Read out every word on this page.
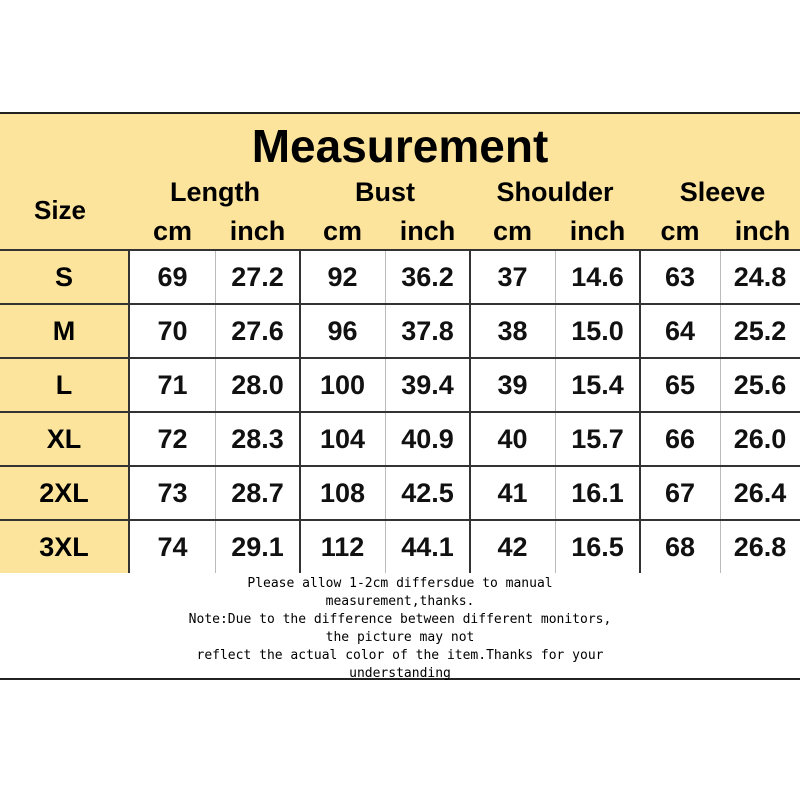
Measurement
Size
Length	Bust	Shoulder	Sleeve
cm	inch	cm	inch	cm	inch	cm	inch
S	69	27.2	92	36.2	37	14.6	63	24.8
M	70	27.6	96	37.8	38	15.0	64	25.2
L	71	28.0	100	39.4	39	15.4	65	25.6
XL	72	28.3	104	40.9	40	15.7	66	26.0
2XL	73	28.7	108	42.5	41	16.1	67	26.4
3XL	74	29.1	112	44.1	42	16.5	68	26.8
Please allow 1-2cm differsdue to manual
measurement,thanks.
Note:Due to the difference between different monitors,
the picture may not
reflect the actual color of the item.Thanks for your
understanding
